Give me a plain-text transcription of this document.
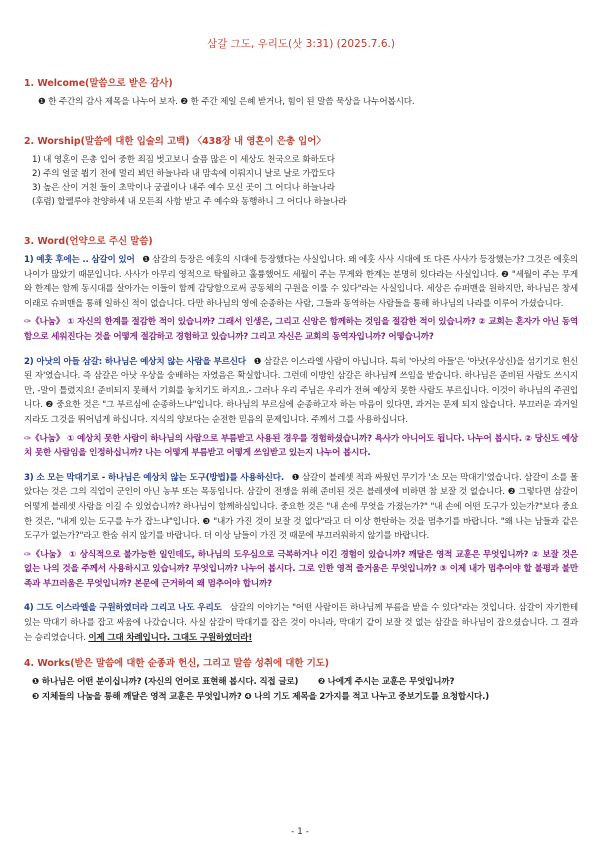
삼갈 그도, 우리도(삿 3:31) (2025.7.6.)

1. Welcome(말씀으로 받은 감사)

❶ 한 주간의 감사 제목을 나누어 보자. ❷ 한 주간 제일 은혜 받거나, 힘이 된 말씀 묵상을 나누어봅시다.

2. Worship(말씀에 대한 입술의 고백) 〈438장 내 영혼이 은총 입어〉

1) 내 영혼이 은총 입어 중한 죄짐 벗고보니 슬픔 많은 이 세상도 천국으로 화하도다

2) 주의 얼굴 뵙기 전에 멀리 뵈던 하늘나라 내 맘속에 이뤄지니 날로 날로 가깝도다

3) 높은 산이 거친 들이 초막이나 궁궐이나 내주 예수 모신 곳이 그 어디나 하늘나라

(후렴) 할렐루야 찬양하세 내 모든죄 사함 받고 주 예수와 동행하니 그 어디나 하늘나라

3. Word(언약으로 주신 말씀)

1) 예훗 후에는 .. 삼갈이 있어 ❶ 삼갈의 등장은 에훗의 시대에 등장했다는 사실입니다. 왜 에훗 사사 시대에 또 다른 사사가 등장했는가? 그것은 에훗의 나이가 많았기 때문입니다. 사사가 아무리 영적으로 탁월하고 훌륭했어도 세월이 주는 무게와 한계는 분명히 있다라는 사실입니다. ❷ "세월이 주는 무게와 한계는 함께 동시대를 살아가는 이들이 함께 감당함으로써 공동체의 구원을 이룰 수 있다"라는 사실입니다. 세상은 슈퍼맨을 원하지만, 하나님은 창세 이래로 슈퍼맨을 통해 일하신 적이 없습니다. 다만 하나님의 영에 순종하는 사람, 그들과 동역하는 사람들을 통해 하나님의 나라를 이루어 가셨습니다.

✑《나눔》 ① 자신의 한계를 절감한 적이 있습니까? 그래서 인생은, 그리고 신앙은 함께하는 것임을 절감한 적이 있습니까? ② 교회는 혼자가 아닌 동역함으로 세워진다는 것을 어떻게 절감하고 경험하고 있습니까? 그리고 자신은 교회의 동역자입니까? 어떻습니까?

2) 아낫의 아들 삼갈: 하나님은 예상치 않는 사람을 부르신다 ❶ 삼갈은 이스라엘 사람이 아닙니다. 특히 '아낫의 아들'은 '아낫(우상신)을 섬기기로 헌신된 자'였습니다. 즉 삼갈은 아낫 우상을 숭배하는 자였음은 확실합니다. 그런데 이방인 삼갈은 하나님께 쓰임을 받습니다. 하나님은 준비된 사람도 쓰시지만, -말이 틀렸지요! 준비되지 못해서 기회를 놓치기도 하지요.- 그러나 우리 주님은 우리가 전혀 예상치 못한 사람도 부르십니다. 이것이 하나님의 주권입니다. ❷ 중요한 것은 "그 부르심에 순종하느냐"입니다. 하나님의 부르심에 순종하고자 하는 마음이 있다면, 과거는 문제 되지 않습니다. 부끄러운 과거일지라도 그것을 뛰어넘게 하십니다. 지식의 양보다는 순전한 믿음의 문제입니다. 주께서 그를 사용하십니다.

✑《나눔》 ① 예상치 못한 사람이 하나님의 사람으로 부름받고 사용된 경우를 경험하셨습니까? 욕사가 아니어도 됩니다. 나누어 봅시다. ② 당신도 예상치 못한 사람임을 인정하십니까? 나는 어떻게 부름받고 어떻게 쓰임받고 있는지 나누어 봅시다.

3) 소 모는 막대기로 - 하나님은 예상치 않는 도구(방법)를 사용하신다. ❶ 삼갈이 블레셋 적과 싸웠던 무기가 '소 모는 막대기'였습니다. 삼갈이 소를 몰았다는 것은 그의 직업이 군인이 아닌 농부 또는 목동임니다. 삼갈이 전쟁을 위해 준비된 것은 블레셋에 비하면 참 보잘 것 없습니다. ❷ 그렇다면 삼갈이 어떻게 블레셋 사람을 이길 수 있었습니까? 하나님이 함께하심입니다. 중요한 것은 "내 손에 무엇을 가졌는가?" "내 손에 어떤 도구가 있는가?"보다 중요한 것은, "내게 있는 도구를 누가 잡느냐"입니다. ❸ "내가 가진 것이 보잘 것 없다"라고 더 이상 한탄하는 것을 멈추기를 바랍니다. "왜 나는 남들과 같은 도구가 없는가?"라고 한숨 쉬지 않기를 바랍니다. 더 이상 남들이 가진 것 때문에 부끄러워하지 않기를 바랍니다.

✑《나눔》 ① 상식적으로 불가능한 일인데도, 하나님의 도우심으로 극복하거나 이긴 경험이 있습니까? 깨달은 영적 교훈은 무엇입니까? ② 보잘 것은 없는 나의 것을 주께서 사용하시고 있습니까? 무엇입니까? 나누어 봅시다. 그로 인한 영적 즐거움은 무엇입니까? ③ 이제 내가 멈추어야 할 불평과 불만족과 부끄러움은 무엇입니까? 본문에 근거하여 왜 멈추어야 합니까?

4) 그도 이스라엘을 구원하였더라 그리고 나도 우리도 삼갈의 이야기는 "어떤 사람이든 하나님께 부름을 받을 수 있다"라는 것입니다. 삼갈이 자기한테 있는 막대기 하나를 잡고 싸움에 나갔습니다. 사실 삼갈이 막대기를 잡은 것이 아니라, 막대기 같이 보잘 것 없는 삼갈을 하나님이 잡으셨습니다. 그 결과는 승리였습니다. 이제 그대 차례입니다. 그대도 구원하였더라!

4. Works(받은 말씀에 대한 순종과 헌신, 그리고 말씀 성취에 대한 기도)

❶ 하나님은 어떤 분이십니까? (자신의 언어로 표현해 봅시다. 직접 글로) ❷ 나에게 주시는 교훈은 무엇입니까?

❸ 지체들의 나눔을 통해 깨달은 영적 교훈은 무엇입니까? ❹ 나의 기도 제목을 2가지를 적고 나누고 중보기도를 요청합시다.)

- 1 -
